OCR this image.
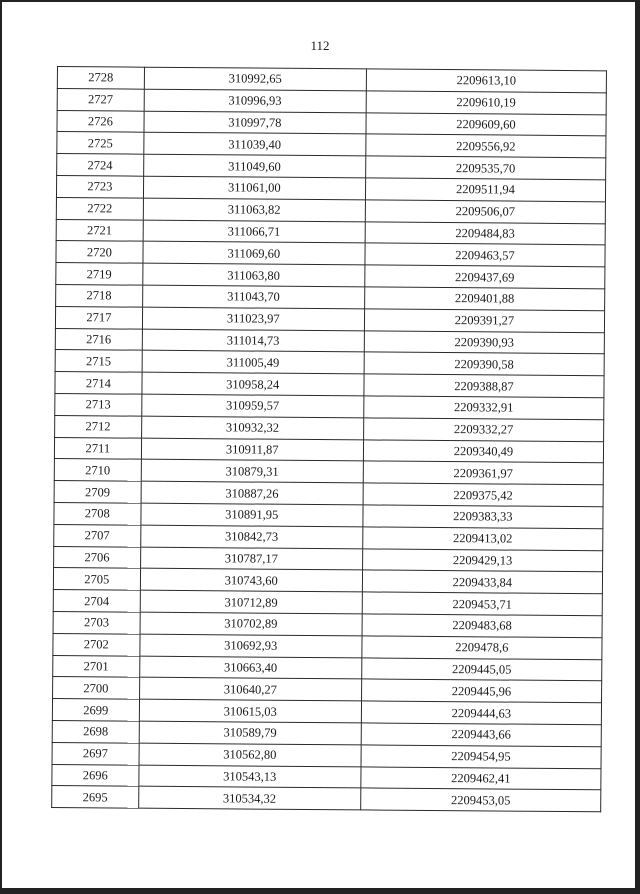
112
2728	310992,65	2209613,10
2727	310996,93	2209610,19
2726	310997,78	2209609,60
2725	311039,40	2209556,92
2724	311049,60	2209535,70
2723	311061,00	2209511,94
2722	311063,82	2209506,07
2721	311066,71	2209484,83
2720	311069,60	2209463,57
2719	311063,80	2209437,69
2718	311043,70	2209401,88
2717	311023,97	2209391,27
2716	311014,73	2209390,93
2715	311005,49	2209390,58
2714	310958,24	2209388,87
2713	310959,57	2209332,91
2712	310932,32	2209332,27
2711	310911,87	2209340,49
2710	310879,31	2209361,97
2709	310887,26	2209375,42
2708	310891,95	2209383,33
2707	310842,73	2209413,02
2706	310787,17	2209429,13
2705	310743,60	2209433,84
2704	310712,89	2209453,71
2703	310702,89	2209483,68
2702	310692,93	2209478,6
2701	310663,40	2209445,05
2700	310640,27	2209445,96
2699	310615,03	2209444,63
2698	310589,79	2209443,66
2697	310562,80	2209454,95
2696	310543,13	2209462,41
2695	310534,32	2209453,05
